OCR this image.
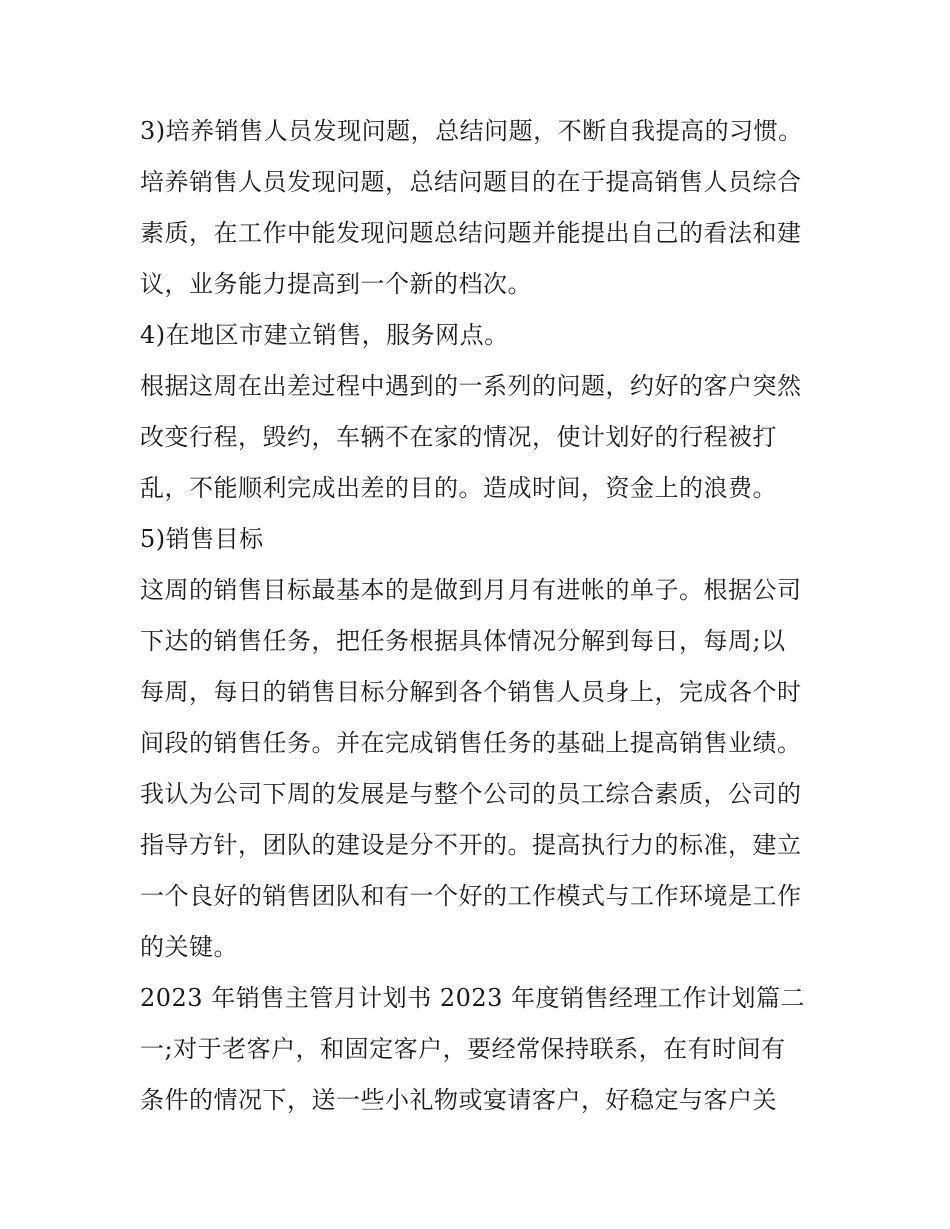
3)培养销售人员发现问题，总结问题，不断自我提高的习惯。
培养销售人员发现问题，总结问题目的在于提高销售人员综合
素质，在工作中能发现问题总结问题并能提出自己的看法和建
议，业务能力提高到一个新的档次。
4)在地区市建立销售，服务网点。
根据这周在出差过程中遇到的一系列的问题，约好的客户突然
改变行程，毁约，车辆不在家的情况，使计划好的行程被打
乱，不能顺利完成出差的目的。造成时间，资金上的浪费。
5)销售目标
这周的销售目标最基本的是做到月月有进帐的单子。根据公司
下达的销售任务，把任务根据具体情况分解到每日，每周;以
每周，每日的销售目标分解到各个销售人员身上，完成各个时
间段的销售任务。并在完成销售任务的基础上提高销售业绩。
我认为公司下周的发展是与整个公司的员工综合素质，公司的
指导方针，团队的建设是分不开的。提高执行力的标准，建立
一个良好的销售团队和有一个好的工作模式与工作环境是工作
的关键。
2023 年销售主管月计划书 2023 年度销售经理工作计划篇二
一;对于老客户，和固定客户，要经常保持联系，在有时间有
条件的情况下，送一些小礼物或宴请客户，好稳定与客户关
